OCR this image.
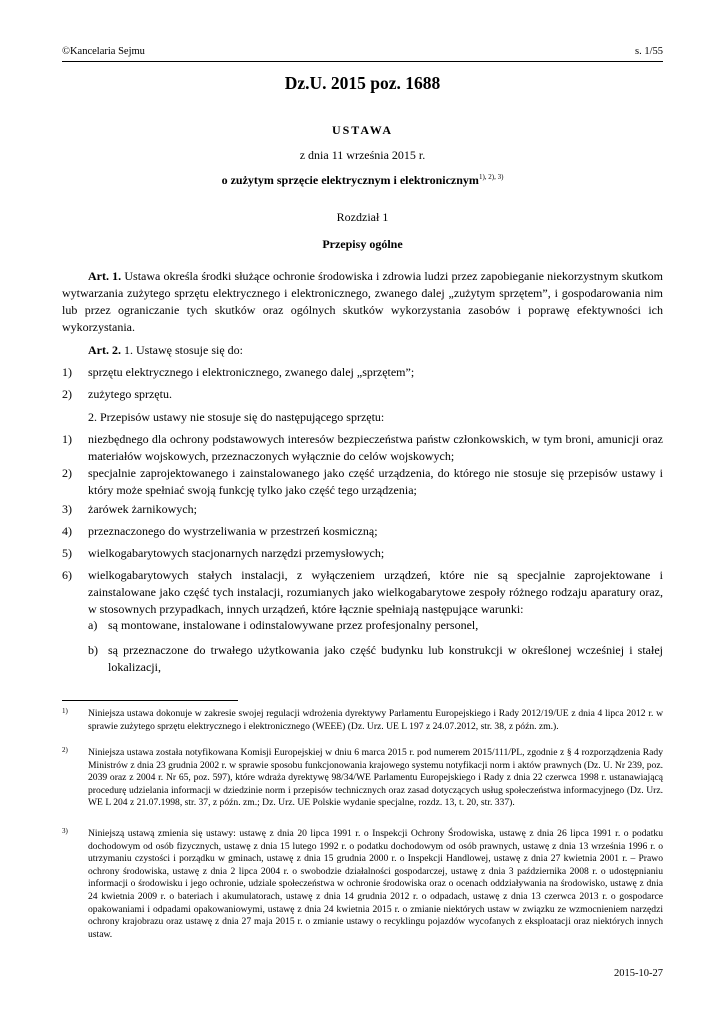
©Kancelaria Sejmu	s. 1/55
Dz.U. 2015 poz. 1688
USTAWA
z dnia 11 września 2015 r.
o zużytym sprzęcie elektrycznym i elektronicznym$^{1), 2), 3)}$
Rozdział 1
Przepisy ogólne

Art. 1. Ustawa określa środki służące ochronie środowiska i zdrowia ludzi przez zapobieganie niekorzystnym skutkom wytwarzania zużytego sprzętu elektrycznego i elektronicznego, zwanego dalej „zużytym sprzętem”, i gospodarowania nim lub przez ograniczanie tych skutków oraz ogólnych skutków wykorzystania zasobów i poprawę efektywności ich wykorzystania.

Art. 2. 1. Ustawę stosuje się do:

1) sprzętu elektrycznego i elektronicznego, zwanego dalej „sprzętem”;
2) zużytego sprzętu.

2. Przepisów ustawy nie stosuje się do następującego sprzętu:

1) niezbędnego dla ochrony podstawowych interesów bezpieczeństwa państw członkowskich, w tym broni, amunicji oraz materiałów wojskowych, przeznaczonych wyłącznie do celów wojskowych;
2) specjalnie zaprojektowanego i zainstalowanego jako część urządzenia, do którego nie stosuje się przepisów ustawy i który może spełniać swoją funkcję tylko jako część tego urządzenia;
3) żarówek żarnikowych;
4) przeznaczonego do wystrzeliwania w przestrzeń kosmiczną;
5) wielkogabarytowych stacjonarnych narzędzi przemysłowych;
6) wielkogabarytowych stałych instalacji, z wyłączeniem urządzeń, które nie są specjalnie zaprojektowane i zainstalowane jako część tych instalacji, rozumianych jako wielkogabarytowe zespoły różnego rodzaju aparatury oraz, w stosownych przypadkach, innych urządzeń, które łącznie spełniają następujące warunki:
a) są montowane, instalowane i odinstalowywane przez profesjonalny personel,
b) są przeznaczone do trwałego użytkowania jako część budynku lub konstrukcji w określonej wcześniej i stałej lokalizacji,
1) Niniejsza ustawa dokonuje w zakresie swojej regulacji wdrożenia dyrektywy Parlamentu Europejskiego i Rady 2012/19/UE z dnia 4 lipca 2012 r. w sprawie zużytego sprzętu elektrycznego i elektronicznego (WEEE) (Dz. Urz. UE L 197 z 24.07.2012, str. 38, z późn. zm.).
2) Niniejsza ustawa została notyfikowana Komisji Europejskiej w dniu 6 marca 2015 r. pod numerem 2015/111/PL, zgodnie z § 4 rozporządzenia Rady Ministrów z dnia 23 grudnia 2002 r. w sprawie sposobu funkcjonowania krajowego systemu notyfikacji norm i aktów prawnych (Dz. U. Nr 239, poz. 2039 oraz z 2004 r. Nr 65, poz. 597), które wdraża dyrektywę 98/34/WE Parlamentu Europejskiego i Rady z dnia 22 czerwca 1998 r. ustanawiającą procedurę udzielania informacji w dziedzinie norm i przepisów technicznych oraz zasad dotyczących usług społeczeństwa informacyjnego (Dz. Urz. WE L 204 z 21.07.1998, str. 37, z późn. zm.; Dz. Urz. UE Polskie wydanie specjalne, rozdz. 13, t. 20, str. 337).
3) Niniejszą ustawą zmienia się ustawy: ustawę z dnia 20 lipca 1991 r. o Inspekcji Ochrony Środowiska, ustawę z dnia 26 lipca 1991 r. o podatku dochodowym od osób fizycznych, ustawę z dnia 15 lutego 1992 r. o podatku dochodowym od osób prawnych, ustawę z dnia 13 września 1996 r. o utrzymaniu czystości i porządku w gminach, ustawę z dnia 15 grudnia 2000 r. o Inspekcji Handlowej, ustawę z dnia 27 kwietnia 2001 r. – Prawo ochrony środowiska, ustawę z dnia 2 lipca 2004 r. o swobodzie działalności gospodarczej, ustawę z dnia 3 października 2008 r. o udostępnianiu informacji o środowisku i jego ochronie, udziale społeczeństwa w ochronie środowiska oraz o ocenach oddziaływania na środowisko, ustawę z dnia 24 kwietnia 2009 r. o bateriach i akumulatorach, ustawę z dnia 14 grudnia 2012 r. o odpadach, ustawę z dnia 13 czerwca 2013 r. o gospodarce opakowaniami i odpadami opakowaniowymi, ustawę z dnia 24 kwietnia 2015 r. o zmianie niektórych ustaw w związku ze wzmocnieniem narzędzi ochrony krajobrazu oraz ustawę z dnia 27 maja 2015 r. o zmianie ustawy o recyklingu pojazdów wycofanych z eksploatacji oraz niektórych innych ustaw.
2015-10-27
